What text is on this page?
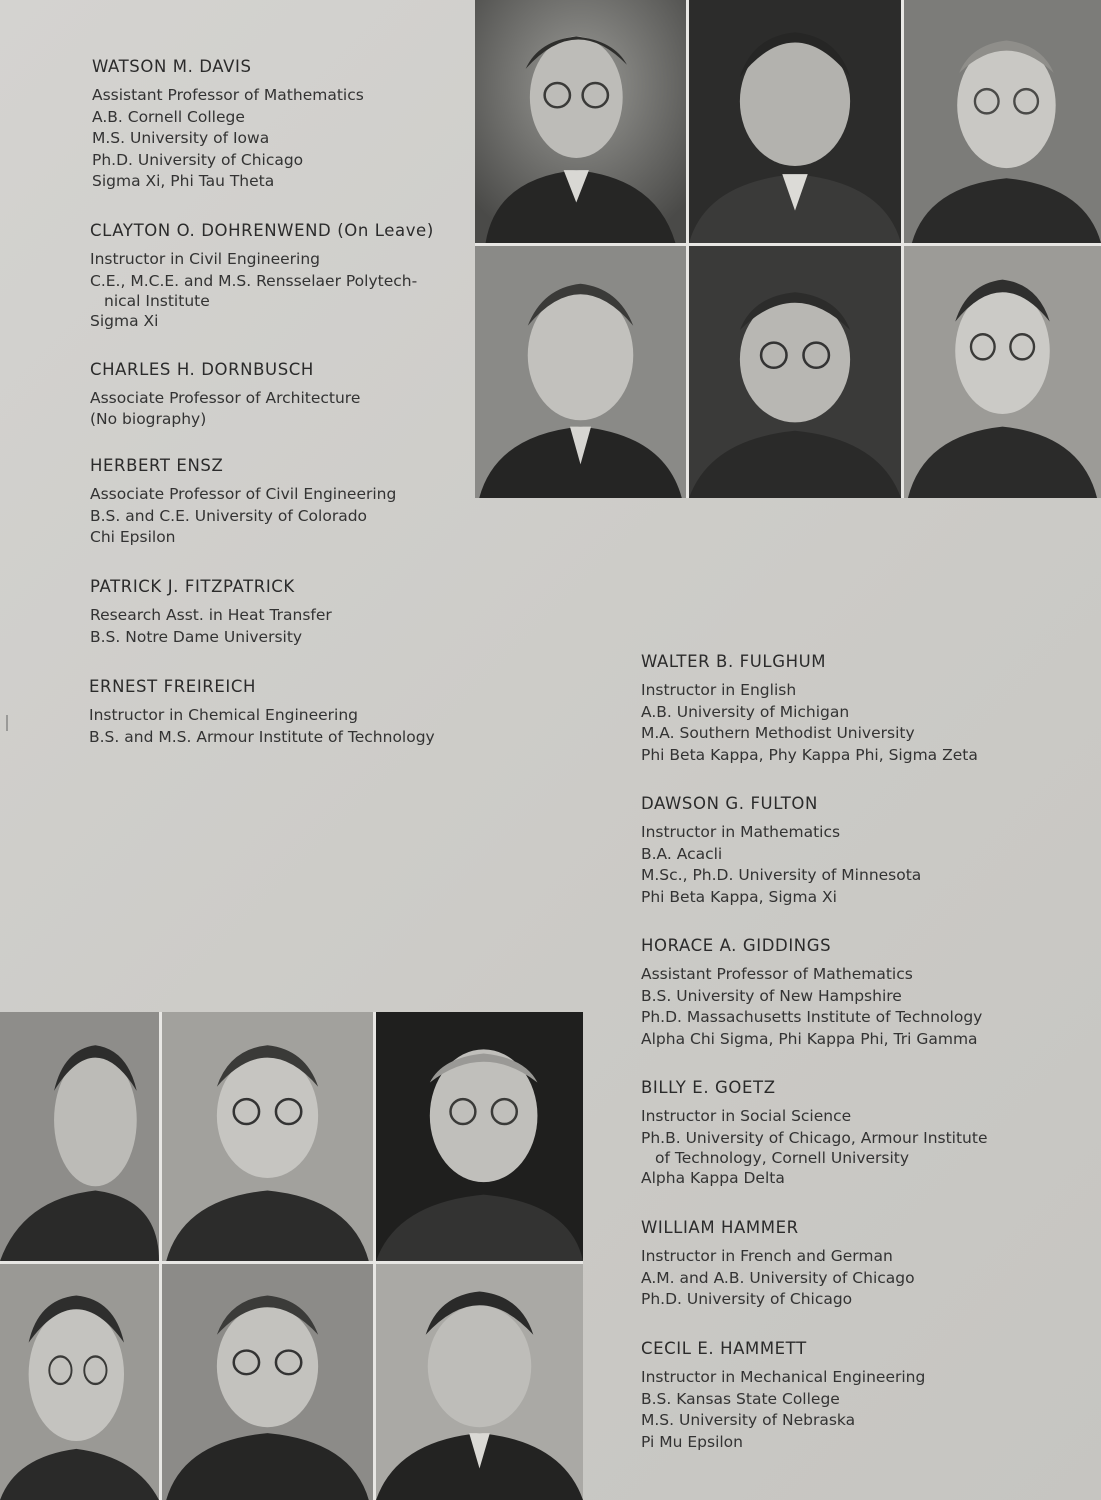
WATSON M. DAVIS

Assistant Professor of Mathematics

A.B. Cornell College

M.S. University of Iowa

Ph.D. University of Chicago

Sigma Xi, Phi Tau Theta

CLAYTON O. DOHRENWEND (On Leave)

Instructor in Civil Engineering

C.E., M.C.E. and M.S. Rensselaer Polytech-

nical Institute

Sigma Xi

CHARLES H. DORNBUSCH

Associate Professor of Architecture

(No biography)

HERBERT ENSZ

Associate Professor of Civil Engineering

B.S. and C.E. University of Colorado

Chi Epsilon

PATRICK J. FITZPATRICK

Research Asst. in Heat Transfer

B.S. Notre Dame University

ERNEST FREIREICH

Instructor in Chemical Engineering

B.S. and M.S. Armour Institute of Technology

WALTER B. FULGHUM

Instructor in English

A.B. University of Michigan

M.A. Southern Methodist University

Phi Beta Kappa, Phy Kappa Phi, Sigma Zeta

DAWSON G. FULTON

Instructor in Mathematics

B.A. Acacli

M.Sc., Ph.D. University of Minnesota

Phi Beta Kappa, Sigma Xi

HORACE A. GIDDINGS

Assistant Professor of Mathematics

B.S. University of New Hampshire

Ph.D. Massachusetts Institute of Technology

Alpha Chi Sigma, Phi Kappa Phi, Tri Gamma

BILLY E. GOETZ

Instructor in Social Science

Ph.B. University of Chicago, Armour Institute

of Technology, Cornell University

Alpha Kappa Delta

WILLIAM HAMMER

Instructor in French and German

A.M. and A.B. University of Chicago

Ph.D. University of Chicago

CECIL E. HAMMETT

Instructor in Mechanical Engineering

B.S. Kansas State College

M.S. University of Nebraska

Pi Mu Epsilon
